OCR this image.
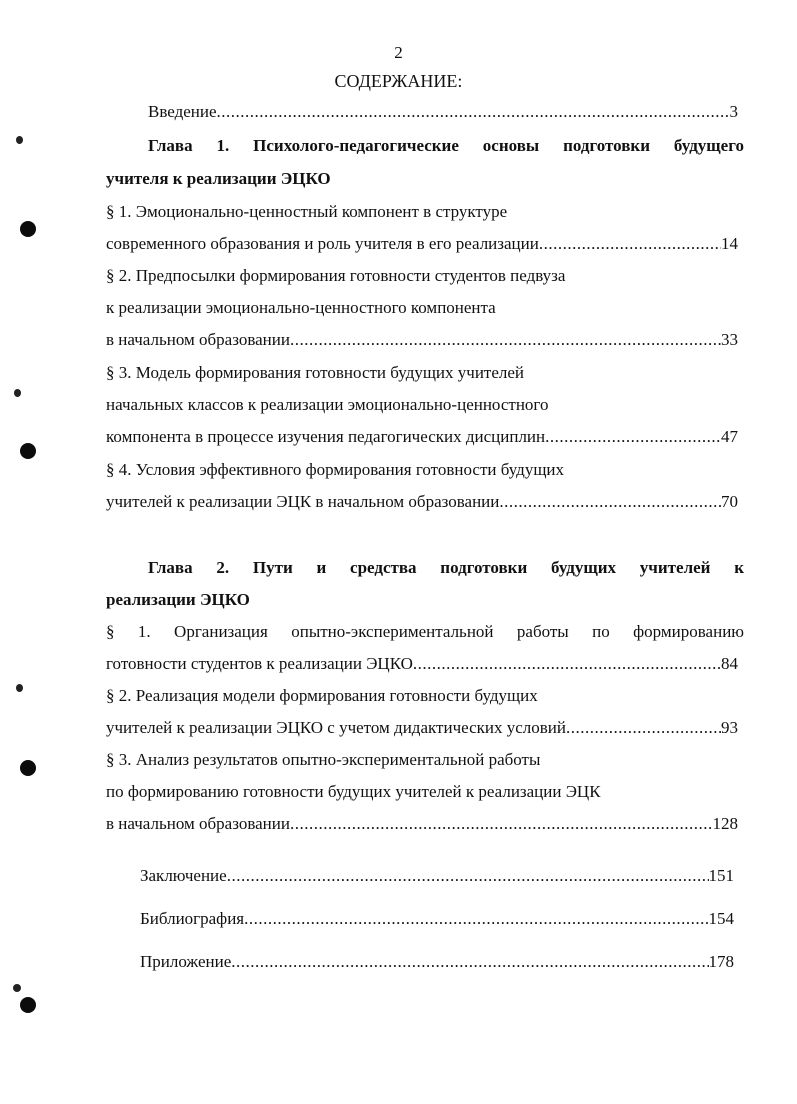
2
СОДЕРЖАНИЕ:
Введение .....	3
Глава 1. Психолого-педагогические основы подготовки будущего
учителя к реализации ЭЦКО
§ 1. Эмоционально-ценностный компонент в структуре
современного образования и роль учителя в его реализации .....	14
§ 2. Предпосылки формирования готовности студентов педвуза
к реализации эмоционально-ценностного компонента
в начальном образовании .....	33
§ 3. Модель формирования готовности будущих учителей
начальных классов к реализации эмоционально-ценностного
компонента в процессе изучения педагогических дисциплин .....	47
§ 4. Условия эффективного формирования готовности будущих
учителей к реализации ЭЦК в начальном образовании .....	70
Глава 2. Пути и средства подготовки будущих учителей к
реализации ЭЦКО
§ 1. Организация опытно-экспериментальной работы по формированию
готовности студентов к реализации ЭЦКО .....	84
§ 2. Реализация модели формирования готовности будущих
учителей к реализации ЭЦКО с учетом дидактических условий .....	93
§ 3. Анализ результатов опытно-экспериментальной работы
по формированию готовности будущих учителей к реализации ЭЦК
в начальном образовании .....	128
Заключение .....	151
Библиография .....	154
Приложение .....	178
